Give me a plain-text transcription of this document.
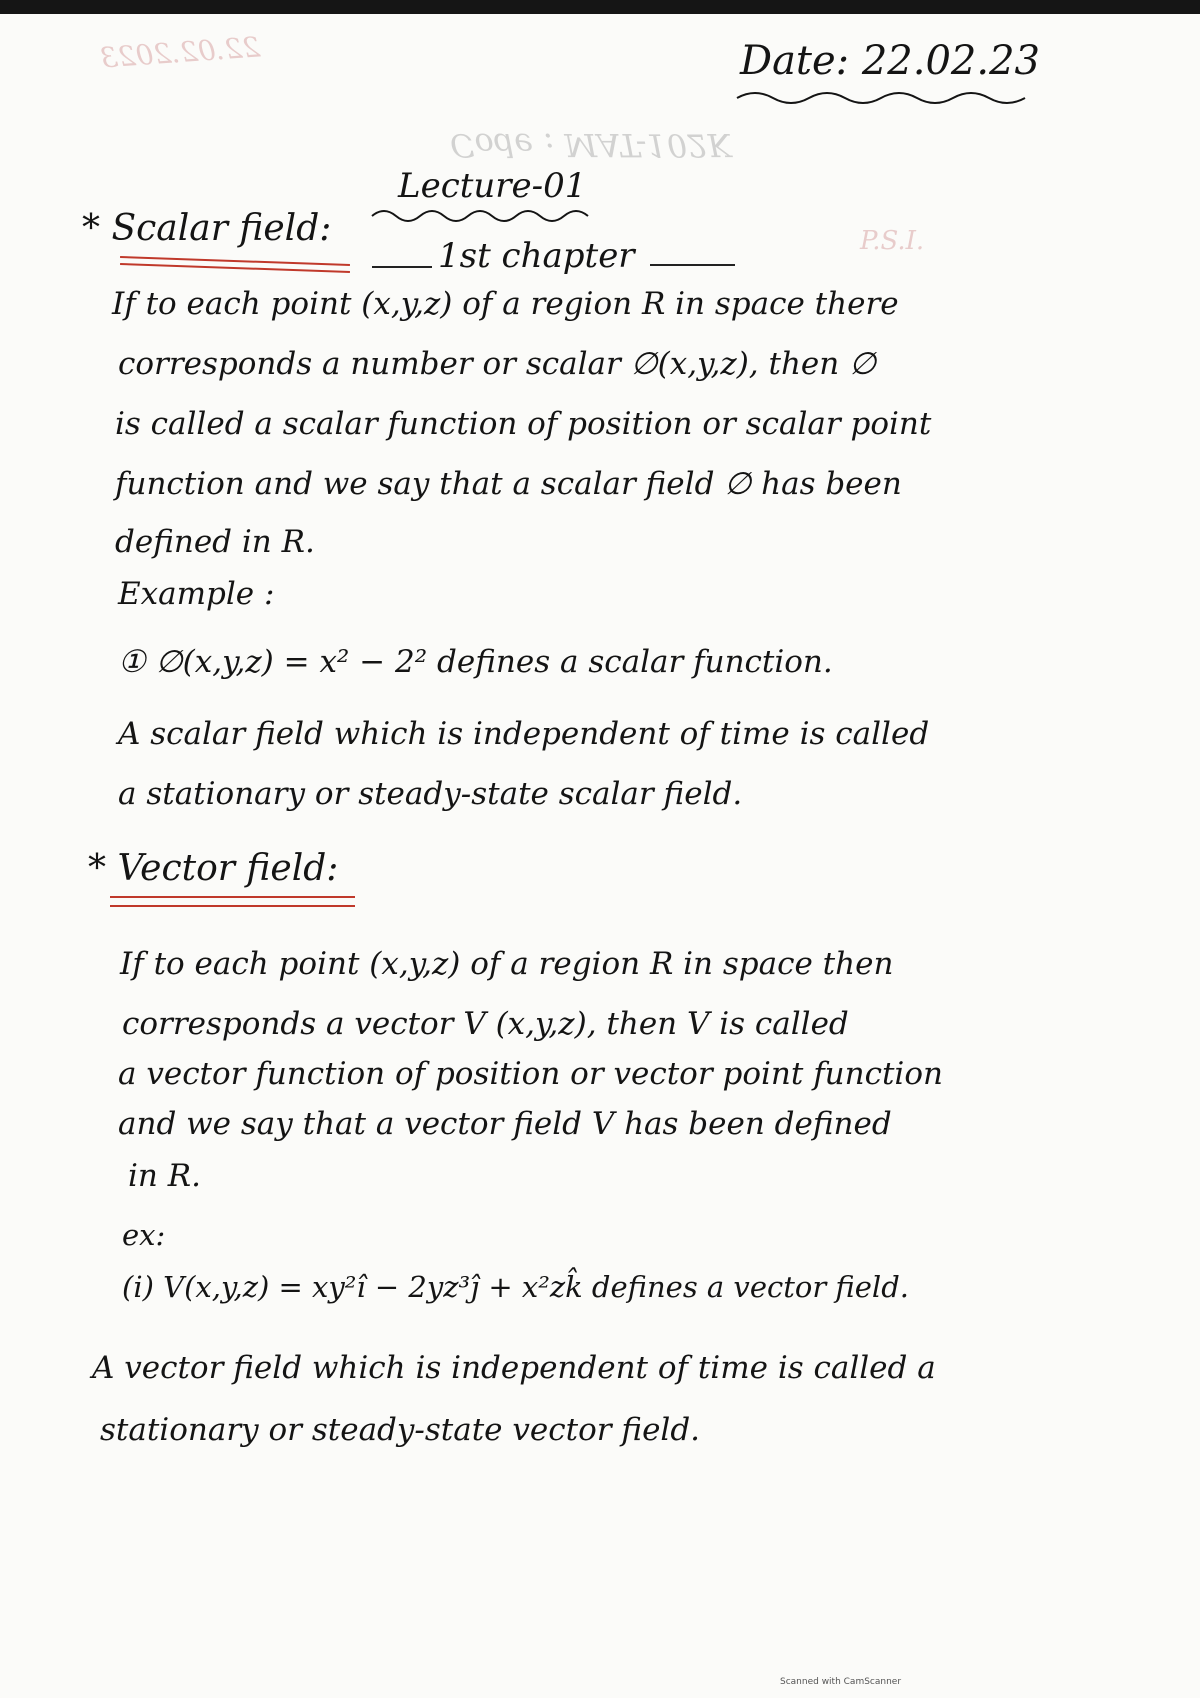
22.02.2023
Code : MAT-102K
P.S.I.
Date: 22.02.23
Lecture-01
1st chapter
* Scalar field:
If to each point (x,y,z) of a region R in space there
corresponds a number or scalar ∅(x,y,z), then ∅
is called a scalar function of position or scalar point
function and we say that a scalar field ∅ has been
defined in R.
Example :
① ∅(x,y,z) = x² − 2² defines a scalar function.
A scalar field which is independent of time is called
a stationary or steady-state scalar field.
* Vector field:
If to each point (x,y,z) of a region R in space then
corresponds a vector V (x,y,z), then V is called
a vector function of position or vector point function
and we say that a vector field V has been defined
in R.
ex:
(i) V(x,y,z) = xy²î − 2yz³ĵ + x²zk̂ defines a vector field.
A vector field which is independent of time is called a
stationary or steady-state vector field.
Scanned with CamScanner
